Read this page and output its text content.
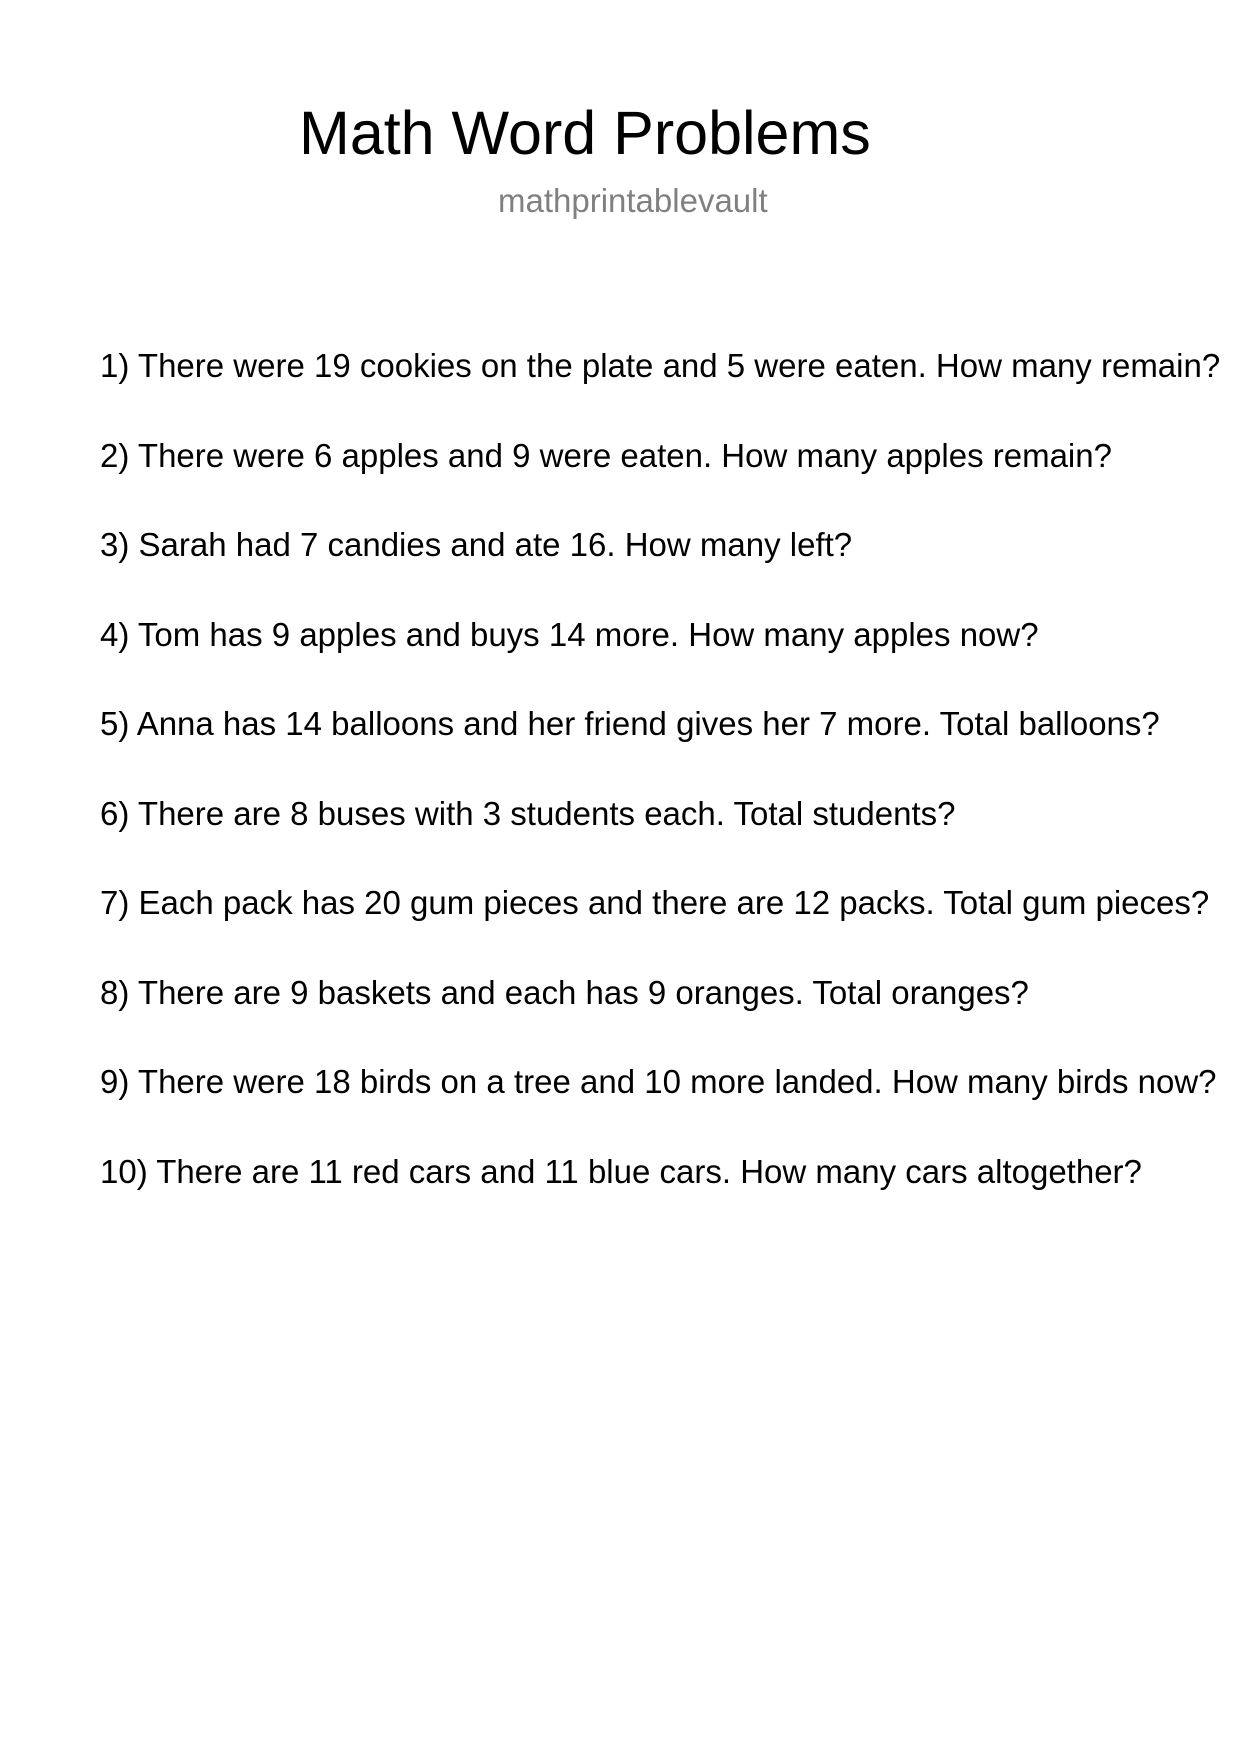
Math Word Problems
mathprintablevault
1) There were 19 cookies on the plate and 5 were eaten. How many remain?
2) There were 6 apples and 9 were eaten. How many apples remain?
3) Sarah had 7 candies and ate 16. How many left?
4) Tom has 9 apples and buys 14 more. How many apples now?
5) Anna has 14 balloons and her friend gives her 7 more. Total balloons?
6) There are 8 buses with 3 students each. Total students?
7) Each pack has 20 gum pieces and there are 12 packs. Total gum pieces?
8) There are 9 baskets and each has 9 oranges. Total oranges?
9) There were 18 birds on a tree and 10 more landed. How many birds now?
10) There are 11 red cars and 11 blue cars. How many cars altogether?
